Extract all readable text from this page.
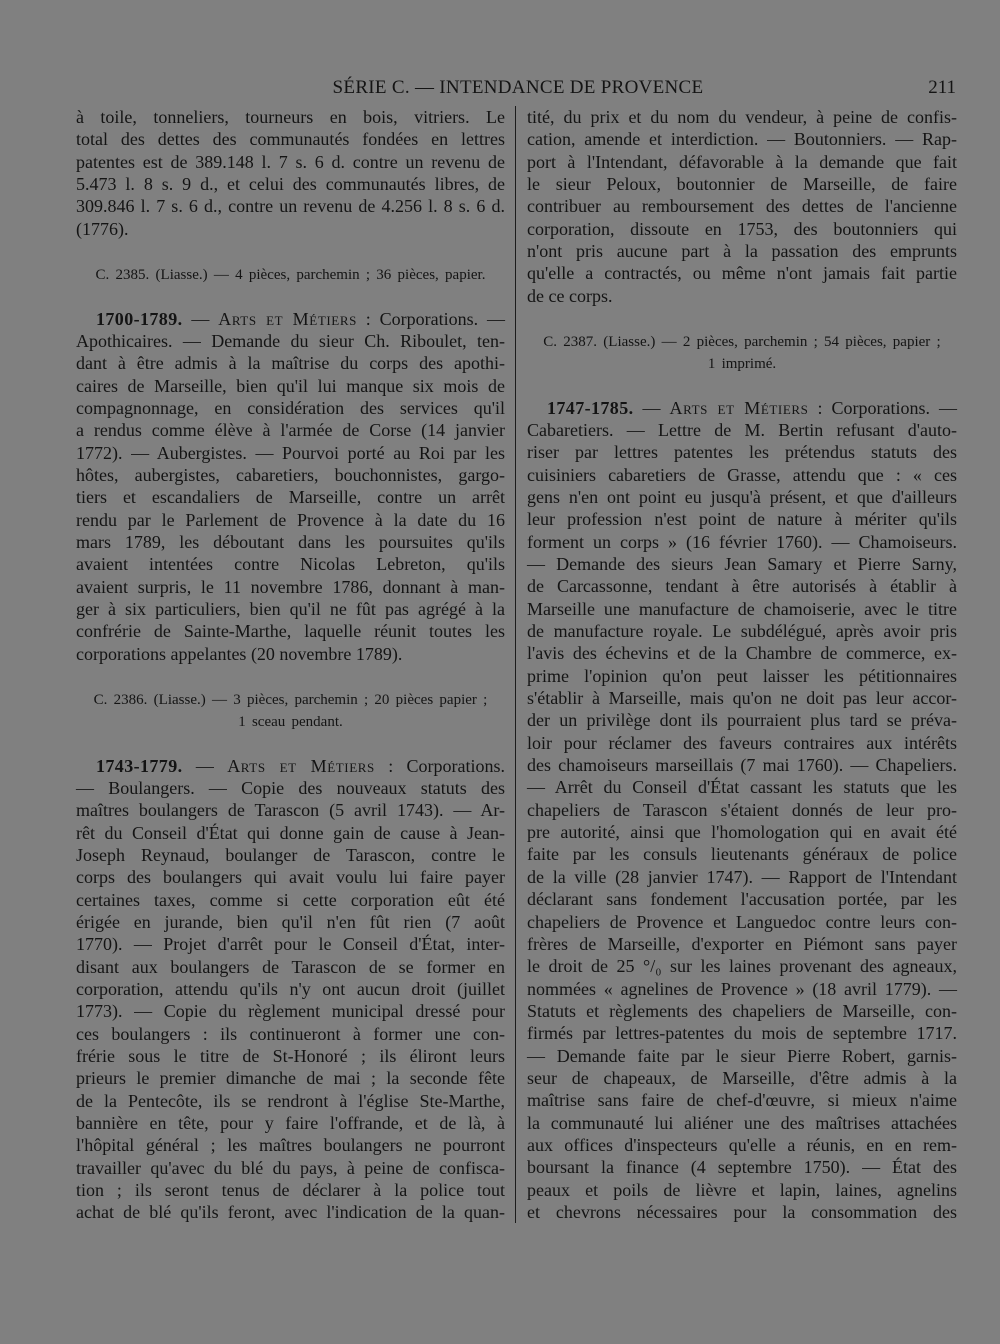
SÉRIE C. — INTENDANCE DE PROVENCE	211
à toile, tonneliers, tourneurs en bois, vitriers. Le
total des dettes des communautés fondées en lettres
patentes est de 389.148 l. 7 s. 6 d. contre un revenu de
5.473 l. 8 s. 9 d., et celui des communautés libres, de
309.846 l. 7 s. 6 d., contre un revenu de 4.256 l. 8 s. 6 d.
(1776).
C. 2385. (Liasse.) — 4 pièces, parchemin ; 36 pièces, papier.
1700-1789. — Arts et Métiers : Corporations. —
Apothicaires. — Demande du sieur Ch. Riboulet, ten-
dant à être admis à la maîtrise du corps des apothi-
caires de Marseille, bien qu'il lui manque six mois de
compagnonnage, en considération des services qu'il
a rendus comme élève à l'armée de Corse (14 janvier
1772). — Aubergistes. — Pourvoi porté au Roi par les
hôtes, aubergistes, cabaretiers, bouchonnistes, gargo-
tiers et escandaliers de Marseille, contre un arrêt
rendu par le Parlement de Provence à la date du 16
mars 1789, les déboutant dans les poursuites qu'ils
avaient intentées contre Nicolas Lebreton, qu'ils
avaient surpris, le 11 novembre 1786, donnant à man-
ger à six particuliers, bien qu'il ne fût pas agrégé à la
confrérie de Sainte-Marthe, laquelle réunit toutes les
corporations appelantes (20 novembre 1789).
C. 2386. (Liasse.) — 3 pièces, parchemin ; 20 pièces papier ;
1 sceau pendant.
1743-1779. — Arts et Métiers : Corporations.
— Boulangers. — Copie des nouveaux statuts des
maîtres boulangers de Tarascon (5 avril 1743). — Ar-
rêt du Conseil d'État qui donne gain de cause à Jean-
Joseph Reynaud, boulanger de Tarascon, contre le
corps des boulangers qui avait voulu lui faire payer
certaines taxes, comme si cette corporation eût été
érigée en jurande, bien qu'il n'en fût rien (7 août
1770). — Projet d'arrêt pour le Conseil d'État, inter-
disant aux boulangers de Tarascon de se former en
corporation, attendu qu'ils n'y ont aucun droit (juillet
1773). — Copie du règlement municipal dressé pour
ces boulangers : ils continueront à former une con-
frérie sous le titre de St-Honoré ; ils éliront leurs
prieurs le premier dimanche de mai ; la seconde fête
de la Pentecôte, ils se rendront à l'église Ste-Marthe,
bannière en tête, pour y faire l'offrande, et de là, à
l'hôpital général ; les maîtres boulangers ne pourront
travailler qu'avec du blé du pays, à peine de confisca-
tion ; ils seront tenus de déclarer à la police tout
achat de blé qu'ils feront, avec l'indication de la quan-
tité, du prix et du nom du vendeur, à peine de confis-
cation, amende et interdiction. — Boutonniers. — Rap-
port à l'Intendant, défavorable à la demande que fait
le sieur Peloux, boutonnier de Marseille, de faire
contribuer au remboursement des dettes de l'ancienne
corporation, dissoute en 1753, des boutonniers qui
n'ont pris aucune part à la passation des emprunts
qu'elle a contractés, ou même n'ont jamais fait partie
de ce corps.
C. 2387. (Liasse.) — 2 pièces, parchemin ; 54 pièces, papier ;
1 imprimé.
1747-1785. — Arts et Métiers : Corporations. —
Cabaretiers. — Lettre de M. Bertin refusant d'auto-
riser par lettres patentes les prétendus statuts des
cuisiniers cabaretiers de Grasse, attendu que : « ces
gens n'en ont point eu jusqu'à présent, et que d'ailleurs
leur profession n'est point de nature à mériter qu'ils
forment un corps » (16 février 1760). — Chamoiseurs.
— Demande des sieurs Jean Samary et Pierre Sarny,
de Carcassonne, tendant à être autorisés à établir à
Marseille une manufacture de chamoiserie, avec le titre
de manufacture royale. Le subdélégué, après avoir pris
l'avis des échevins et de la Chambre de commerce, ex-
prime l'opinion qu'on peut laisser les pétitionnaires
s'établir à Marseille, mais qu'on ne doit pas leur accor-
der un privilège dont ils pourraient plus tard se préva-
loir pour réclamer des faveurs contraires aux intérêts
des chamoiseurs marseillais (7 mai 1760). — Chapeliers.
— Arrêt du Conseil d'État cassant les statuts que les
chapeliers de Tarascon s'étaient donnés de leur pro-
pre autorité, ainsi que l'homologation qui en avait été
faite par les consuls lieutenants généraux de police
de la ville (28 janvier 1747). — Rapport de l'Intendant
déclarant sans fondement l'accusation portée, par les
chapeliers de Provence et Languedoc contre leurs con-
frères de Marseille, d'exporter en Piémont sans payer
le droit de 25 °/₀ sur les laines provenant des agneaux,
nommées « agnelines de Provence » (18 avril 1779). —
Statuts et règlements des chapeliers de Marseille, con-
firmés par lettres-patentes du mois de septembre 1717.
— Demande faite par le sieur Pierre Robert, garnis-
seur de chapeaux, de Marseille, d'être admis à la
maîtrise sans faire de chef-d'œuvre, si mieux n'aime
la communauté lui aliéner une des maîtrises attachées
aux offices d'inspecteurs qu'elle a réunis, en en rem-
boursant la finance (4 septembre 1750). — État des
peaux et poils de lièvre et lapin, laines, agnelins
et chevrons nécessaires pour la consommation des
